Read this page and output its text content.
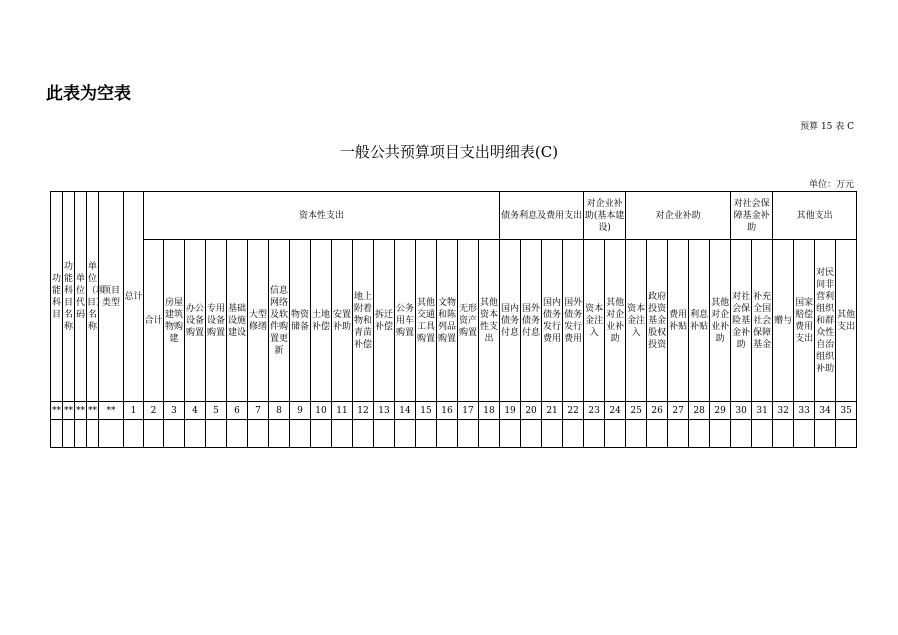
此表为空表
预算 15 表 C
一般公共预算项目支出明细表(C)
单位：万元
功能科目	功能科目名称	单位代码	单位（项目）名称	项目类型	总计	资本性支出																	债务利息及费用支出				对企业补助(基本建设)		对企业补助					对社会保障基金补助		其他支出			
						合计	房屋建筑物购建	办公设备购置	专用设备购置	基础设施建设	大型修缮	信息网络及软件购置更新	物资储备	土地补偿	安置补助	地上附着物和青苗补偿	拆迁补偿	公务用车购置	其他交通工具购置	文物和陈列品购置	无形资产购置	其他资本性支出	国内债务付息	国外债务付息	国内债务发行费用	国外债务发行费用	资本金注入	其他对企业补助	资本金注入	政府投资基金股权投资	费用补贴	利息补贴	其他对企业补助	对社会保险基金补助	补充全国社会保障基金	赠与	国家赔偿费用支出	对民间非营利组织和群众性自治组织补助	其他支出
**	**	**	**	**	1	2	3	4	5	6	7	8	9	10	11	12	13	14	15	16	17	18	19	20	21	22	23	24	25	26	27	28	29	30	31	32	33	34	35
